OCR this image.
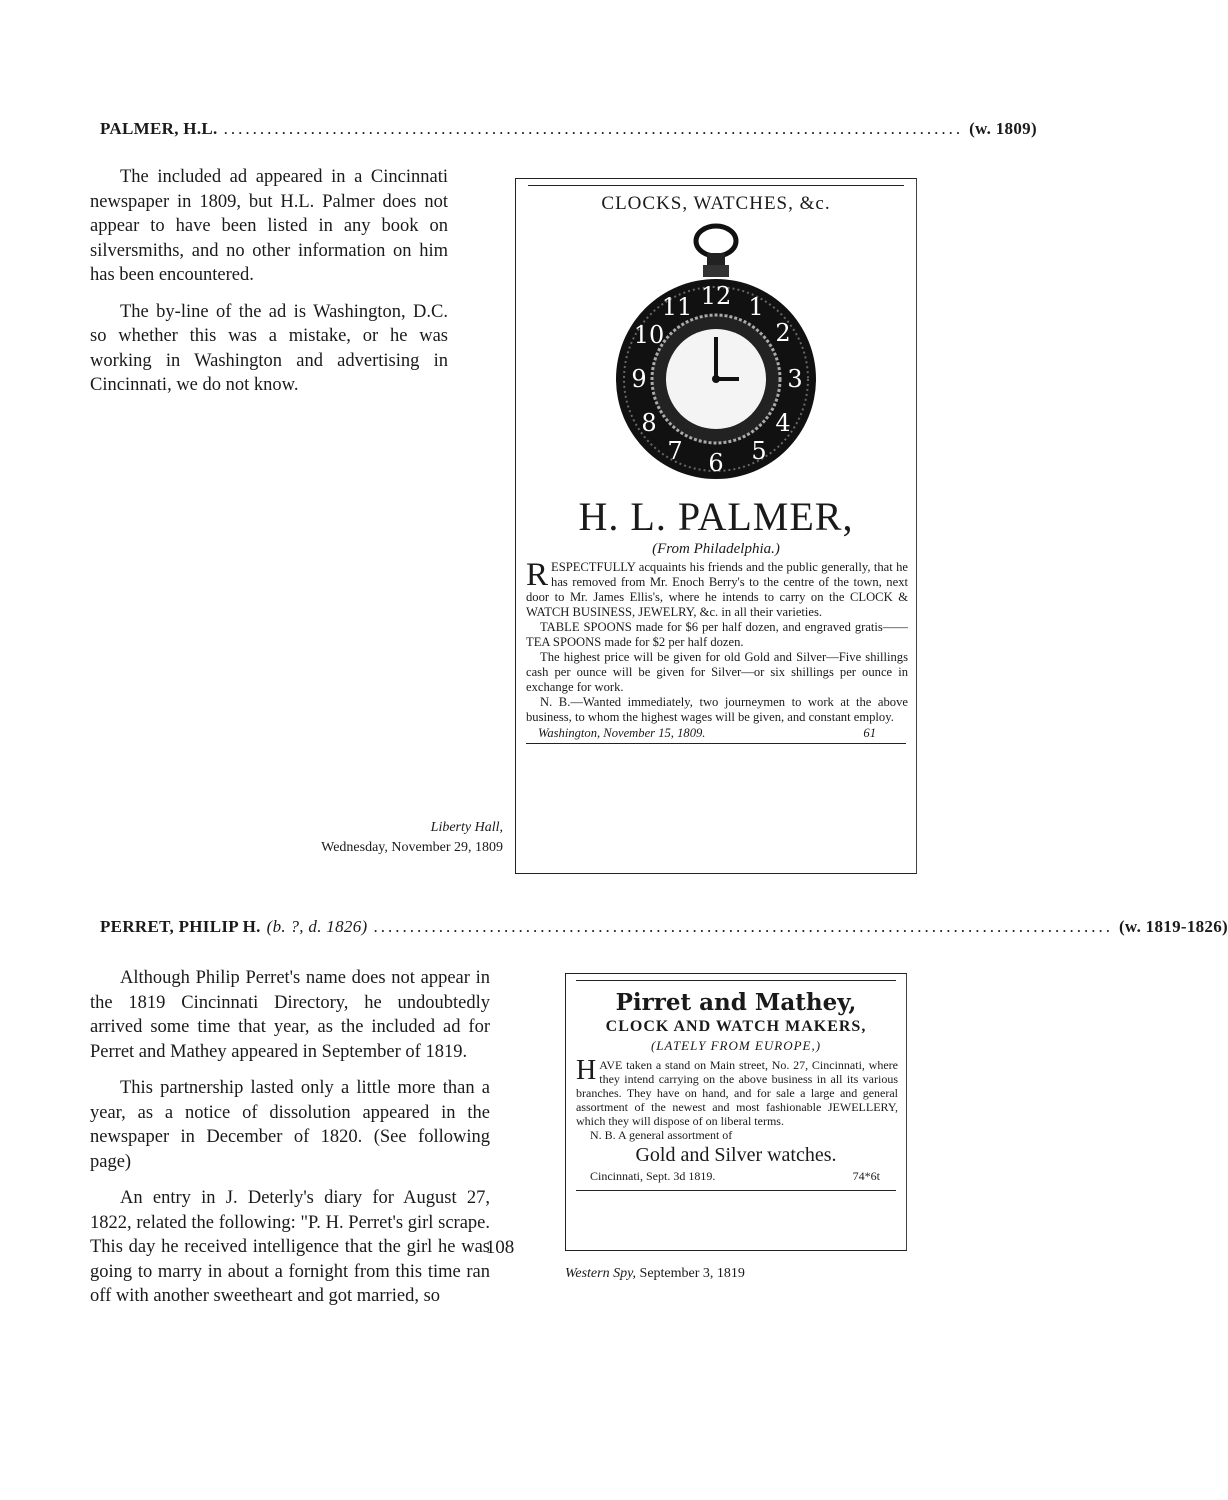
PALMER, H.L. ...................................................................................................... (w. 1809)

The included ad appeared in a Cincinnati newspaper in 1809, but H.L. Palmer does not appear to have been listed in any book on silversmiths, and no other information on him has been encountered.

The by-line of the ad is Washington, D.C. so whether this was a mistake, or he was working in Washington and advertising in Cincinnati, we do not know.

Liberty Hall,
Wednesday, November 29, 1809
CLOCKS, WATCHES, &c.
12 1
2
3
4
5
6
7
8
9
10
11
H. L. PALMER,
(From Philadelphia.)

RESPECTFULLY acquaints his friends and the public generally, that he has removed from Mr. Enoch Berry's to the centre of the town, next door to Mr. James Ellis's, where he intends to carry on the CLOCK & WATCH BUSINESS, JEWELRY, &c. in all their varieties.

TABLE SPOONS made for $6 per half dozen, and engraved gratis——TEA SPOONS made for $2 per half dozen.

The highest price will be given for old Gold and Silver—Five shillings cash per ounce will be given for Silver—or six shillings per ounce in exchange for work.

N. B.—Wanted immediately, two journeymen to work at the above business, to whom the highest wages will be given, and constant employ.

Washington, November 15, 1809.	61
PERRET, PHILIP H. (b. ?, d. 1826) ...................................................................................................... (w. 1819-1826)

Although Philip Perret's name does not appear in the 1819 Cincinnati Directory, he undoubtedly arrived some time that year, as the included ad for Perret and Mathey appeared in September of 1819.

This partnership lasted only a little more than a year, as a notice of dissolution appeared in the newspaper in December of 1820. (See following page)

An entry in J. Deterly's diary for August 27, 1822, related the following: "P. H. Perret's girl scrape. This day he received intelligence that the girl he was going to marry in about a fornight from this time ran off with another sweetheart and got married, so

Pirret and Mathey,
CLOCK AND WATCH MAKERS,
(LATELY FROM EUROPE,)

HAVE taken a stand on Main street, No. 27, Cincinnati, where they intend carrying on the above business in all its various branches. They have on hand, and for sale a large and general assortment of the newest and most fashionable JEWELLERY, which they will dispose of on liberal terms.

N. B. A general assortment of

Gold and Silver watches.
Cincinnati, Sept. 3d 1819.	74*6t
Western Spy, September 3, 1819
108
